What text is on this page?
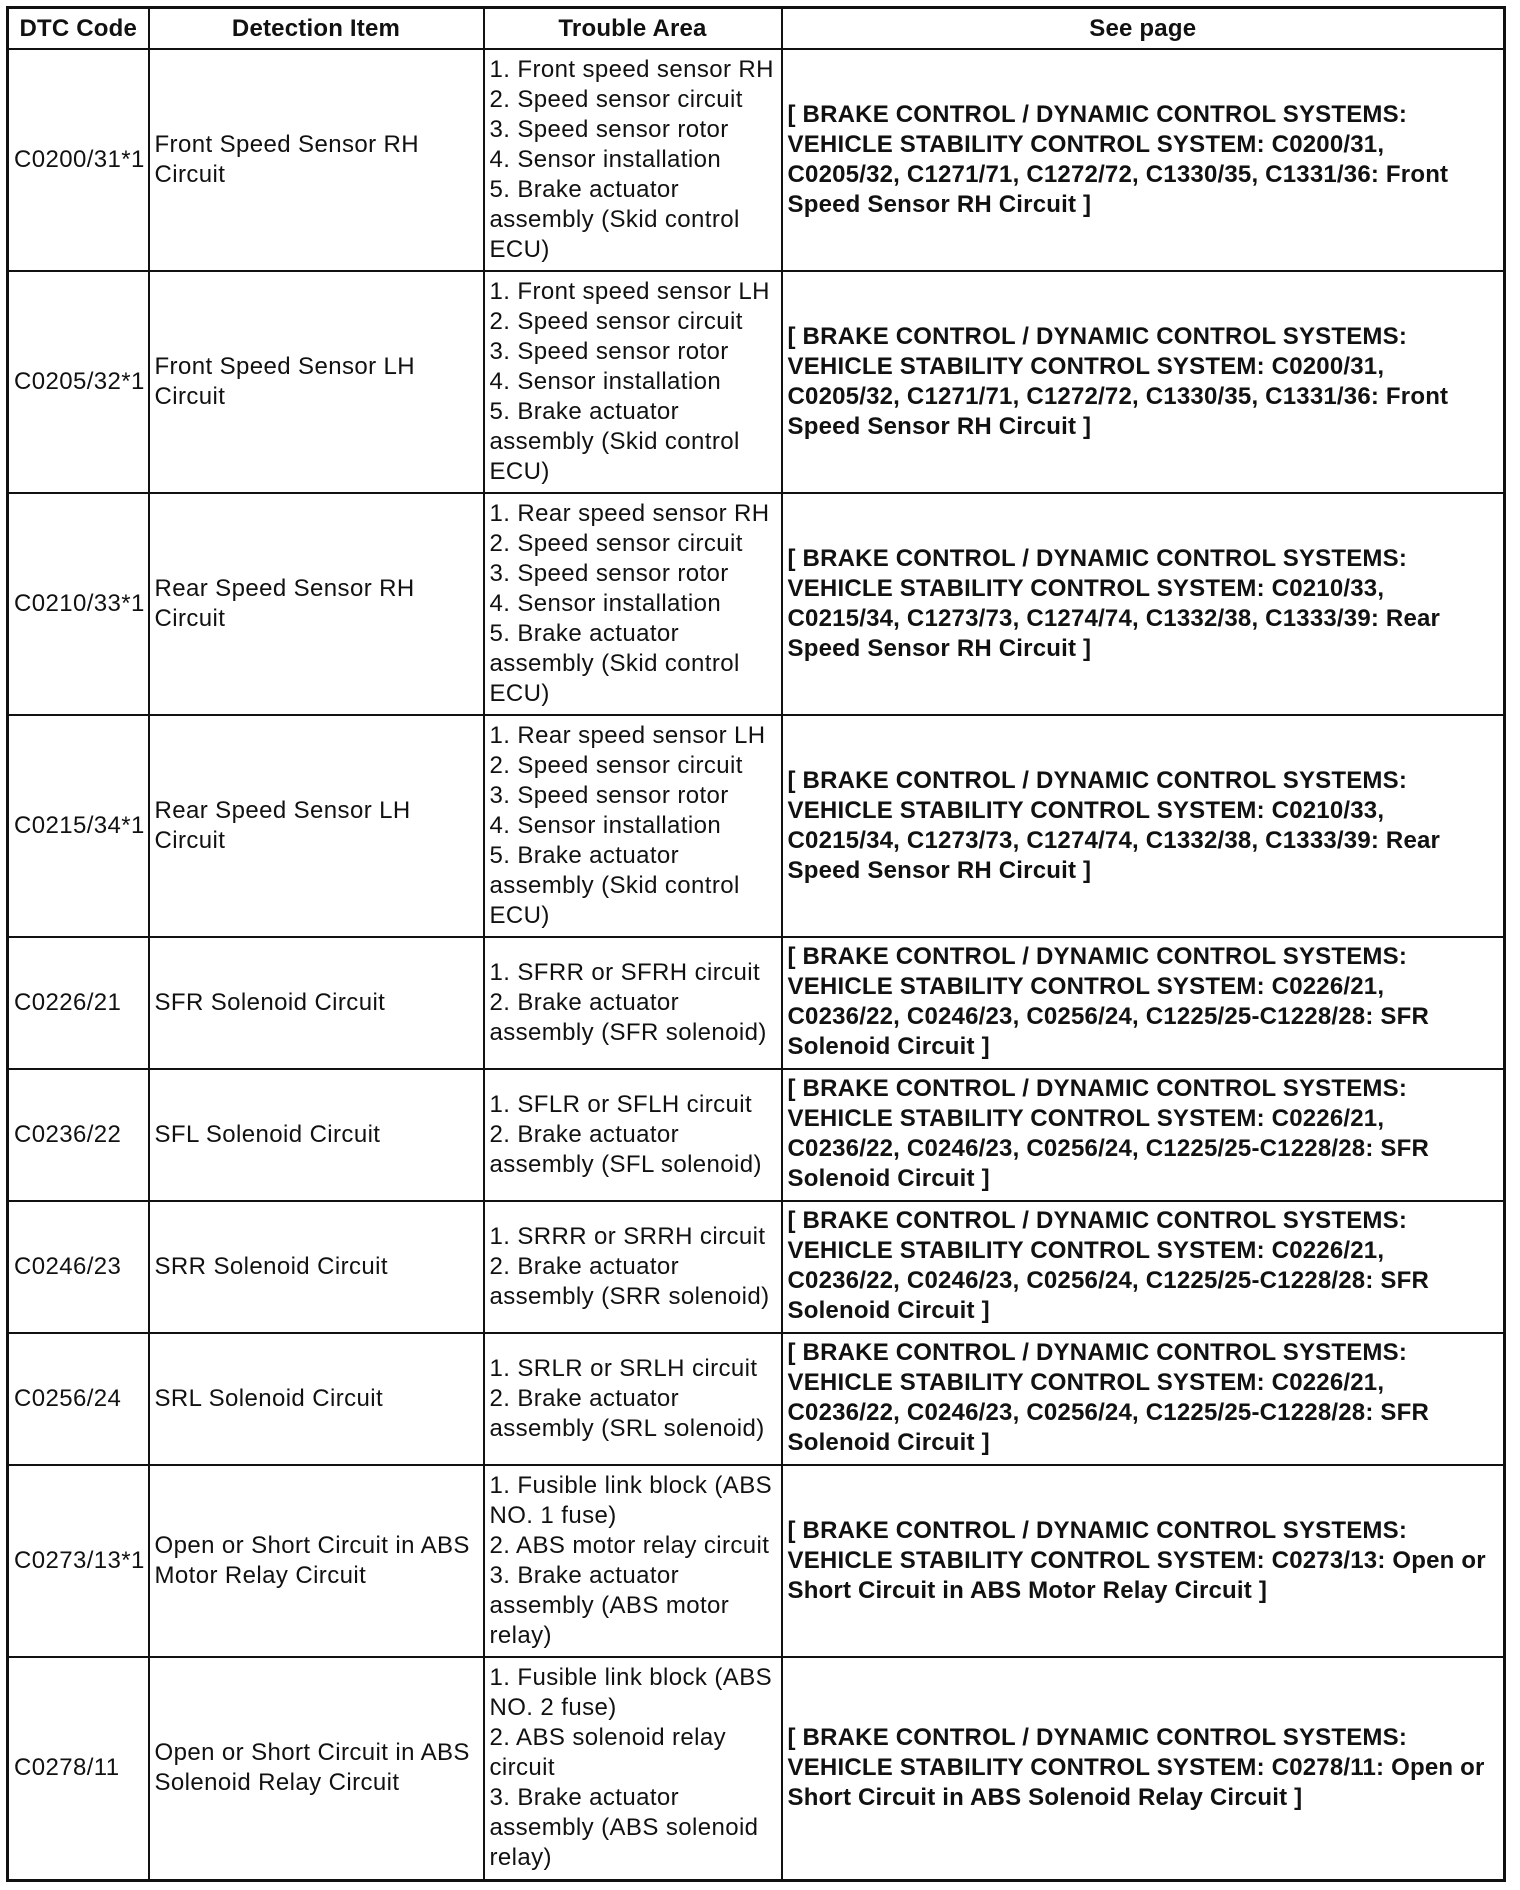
DTC Code	Detection Item	Trouble Area	See page
C0200/31*1	Front Speed Sensor RH Circuit	1. Front speed sensor RH
2. Speed sensor circuit
3. Speed sensor rotor
4. Sensor installation
5. Brake actuator assembly (Skid control ECU)	[ BRAKE CONTROL / DYNAMIC CONTROL SYSTEMS: VEHICLE STABILITY CONTROL SYSTEM: C0200/31, C0205/32, C1271/71, C1272/72, C1330/35, C1331/36: Front Speed Sensor RH Circuit ]
C0205/32*1	Front Speed Sensor LH Circuit	1. Front speed sensor LH
2. Speed sensor circuit
3. Speed sensor rotor
4. Sensor installation
5. Brake actuator assembly (Skid control ECU)	[ BRAKE CONTROL / DYNAMIC CONTROL SYSTEMS: VEHICLE STABILITY CONTROL SYSTEM: C0200/31, C0205/32, C1271/71, C1272/72, C1330/35, C1331/36: Front Speed Sensor RH Circuit ]
C0210/33*1	Rear Speed Sensor RH Circuit	1. Rear speed sensor RH
2. Speed sensor circuit
3. Speed sensor rotor
4. Sensor installation
5. Brake actuator assembly (Skid control ECU)	[ BRAKE CONTROL / DYNAMIC CONTROL SYSTEMS: VEHICLE STABILITY CONTROL SYSTEM: C0210/33, C0215/34, C1273/73, C1274/74, C1332/38, C1333/39: Rear Speed Sensor RH Circuit ]
C0215/34*1	Rear Speed Sensor LH Circuit	1. Rear speed sensor LH
2. Speed sensor circuit
3. Speed sensor rotor
4. Sensor installation
5. Brake actuator assembly (Skid control ECU)	[ BRAKE CONTROL / DYNAMIC CONTROL SYSTEMS: VEHICLE STABILITY CONTROL SYSTEM: C0210/33, C0215/34, C1273/73, C1274/74, C1332/38, C1333/39: Rear Speed Sensor RH Circuit ]
C0226/21	SFR Solenoid Circuit	1. SFRR or SFRH circuit
2. Brake actuator assembly (SFR solenoid)	[ BRAKE CONTROL / DYNAMIC CONTROL SYSTEMS: VEHICLE STABILITY CONTROL SYSTEM: C0226/21, C0236/22, C0246/23, C0256/24, C1225/25-C1228/28: SFR Solenoid Circuit ]
C0236/22	SFL Solenoid Circuit	1. SFLR or SFLH circuit
2. Brake actuator assembly (SFL solenoid)	[ BRAKE CONTROL / DYNAMIC CONTROL SYSTEMS: VEHICLE STABILITY CONTROL SYSTEM: C0226/21, C0236/22, C0246/23, C0256/24, C1225/25-C1228/28: SFR Solenoid Circuit ]
C0246/23	SRR Solenoid Circuit	1. SRRR or SRRH circuit
2. Brake actuator assembly (SRR solenoid)	[ BRAKE CONTROL / DYNAMIC CONTROL SYSTEMS: VEHICLE STABILITY CONTROL SYSTEM: C0226/21, C0236/22, C0246/23, C0256/24, C1225/25-C1228/28: SFR Solenoid Circuit ]
C0256/24	SRL Solenoid Circuit	1. SRLR or SRLH circuit
2. Brake actuator assembly (SRL solenoid)	[ BRAKE CONTROL / DYNAMIC CONTROL SYSTEMS: VEHICLE STABILITY CONTROL SYSTEM: C0226/21, C0236/22, C0246/23, C0256/24, C1225/25-C1228/28: SFR Solenoid Circuit ]
C0273/13*1	Open or Short Circuit in ABS Motor Relay Circuit	1. Fusible link block (ABS NO. 1 fuse)
2. ABS motor relay circuit
3. Brake actuator assembly (ABS motor relay)	[ BRAKE CONTROL / DYNAMIC CONTROL SYSTEMS: VEHICLE STABILITY CONTROL SYSTEM: C0273/13: Open or Short Circuit in ABS Motor Relay Circuit ]
C0278/11	Open or Short Circuit in ABS Solenoid Relay Circuit	1. Fusible link block (ABS NO. 2 fuse)
2. ABS solenoid relay circuit
3. Brake actuator assembly (ABS solenoid relay)	[ BRAKE CONTROL / DYNAMIC CONTROL SYSTEMS: VEHICLE STABILITY CONTROL SYSTEM: C0278/11: Open or Short Circuit in ABS Solenoid Relay Circuit ]
